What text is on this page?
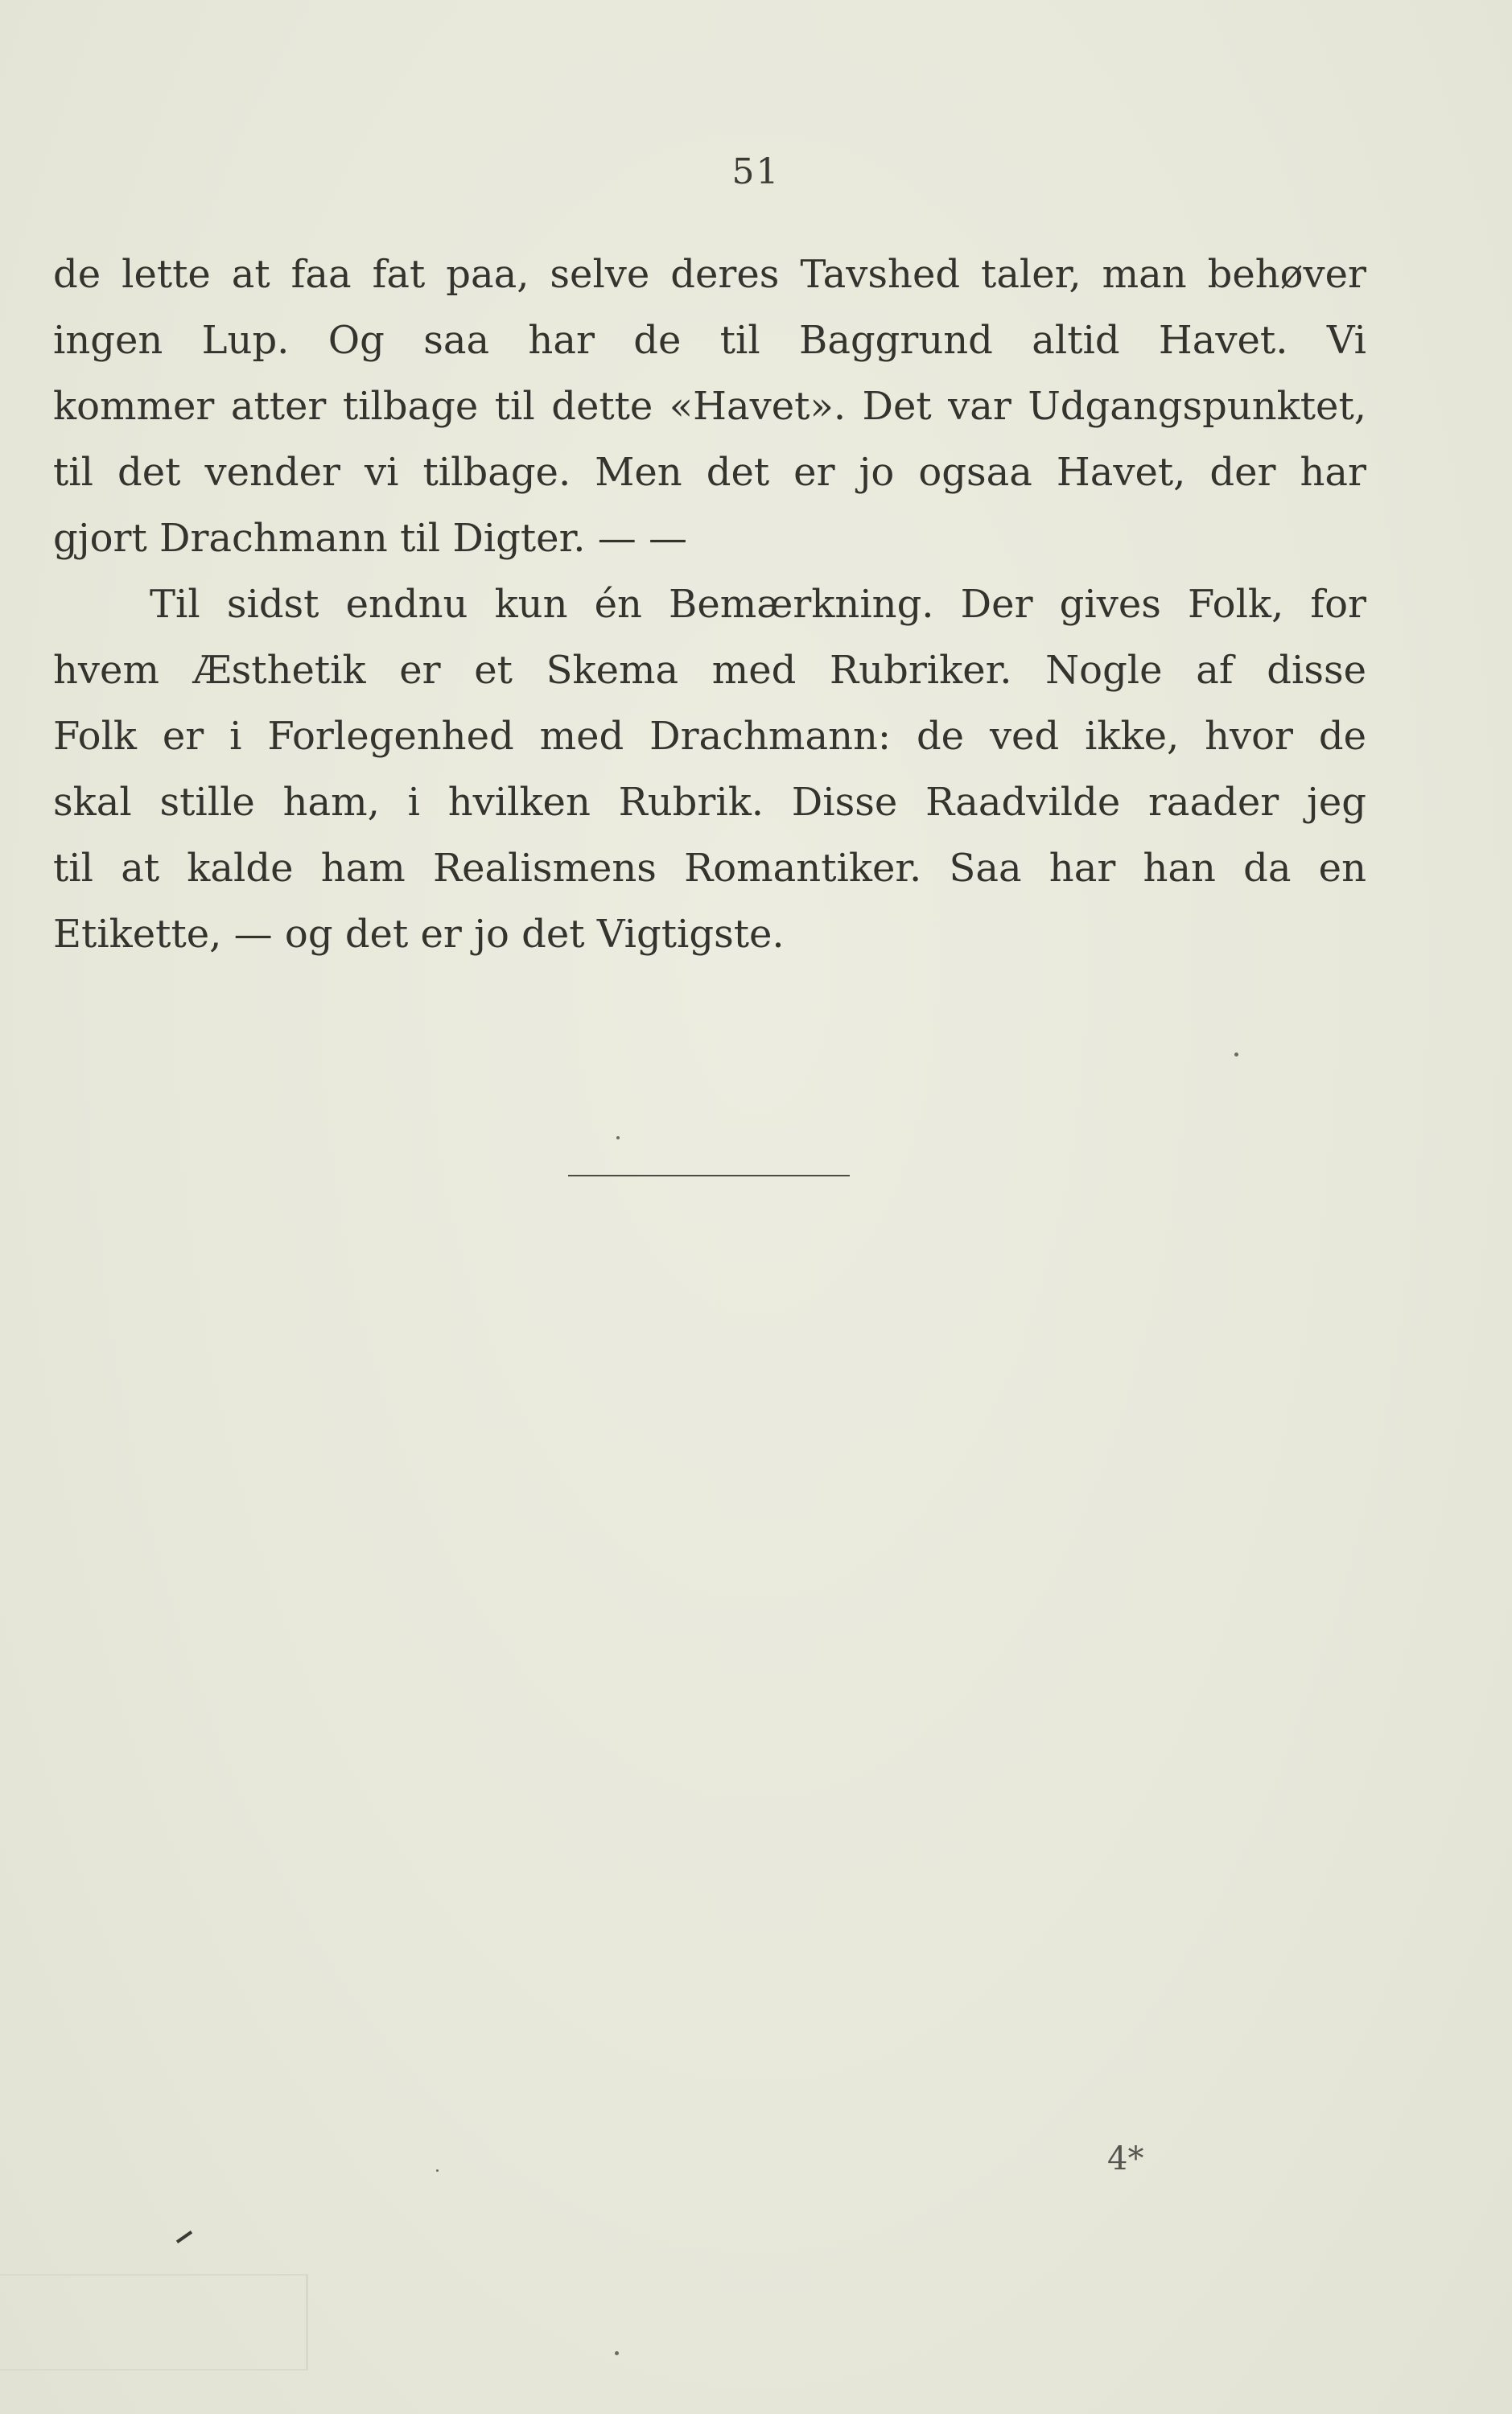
51
de lette at faa fat paa, selve deres Tavshed taler, man behøver
ingen Lup. Og saa har de til Baggrund altid Havet. Vi
kommer atter tilbage til dette «Havet». Det var Udgangspunktet,
til det vender vi tilbage. Men det er jo ogsaa Havet, der har
gjort Drachmann til Digter. — —
Til sidst endnu kun én Bemærkning. Der gives Folk, for
hvem Æsthetik er et Skema med Rubriker. Nogle af disse
Folk er i Forlegenhed med Drachmann: de ved ikke, hvor de
skal stille ham, i hvilken Rubrik. Disse Raadvilde raader jeg
til at kalde ham Realismens Romantiker. Saa har han da en
Etikette, — og det er jo det Vigtigste.
4*
